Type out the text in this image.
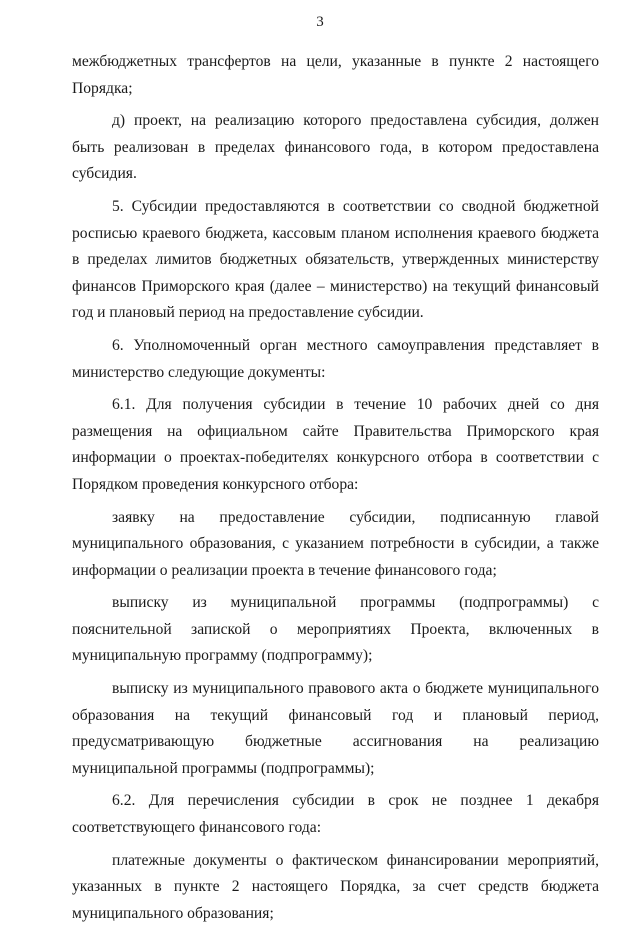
3

межбюджетных трансфертов на цели, указанные в пункте 2 настоящего Порядка;

д) проект, на реализацию которого предоставлена субсидия, должен быть реализован в пределах финансового года, в котором предоставлена субсидия.

5. Субсидии предоставляются в соответствии со сводной бюджетной росписью краевого бюджета, кассовым планом исполнения краевого бюджета в пределах лимитов бюджетных обязательств, утвержденных министерству финансов Приморского края (далее – министерство) на текущий финансовый год и плановый период на предоставление субсидии.

6. Уполномоченный орган местного самоуправления представляет в министерство следующие документы:

6.1. Для получения субсидии в течение 10 рабочих дней со дня размещения на официальном сайте Правительства Приморского края информации о проектах-победителях конкурсного отбора в соответствии с Порядком проведения конкурсного отбора:

заявку на предоставление субсидии, подписанную главой муниципального образования, с указанием потребности в субсидии, а также информации о реализации проекта в течение финансового года;

выписку из муниципальной программы (подпрограммы) с пояснительной запиской о мероприятиях Проекта, включенных в муниципальную программу (подпрограмму);

выписку из муниципального правового акта о бюджете муниципального образования на текущий финансовый год и плановый период, предусматривающую бюджетные ассигнования на реализацию муниципальной программы (подпрограммы);

6.2. Для перечисления субсидии в срок не позднее 1 декабря соответствующего финансового года:

платежные документы о фактическом финансировании мероприятий, указанных в пункте 2 настоящего Порядка, за счет средств бюджета муниципального образования;
